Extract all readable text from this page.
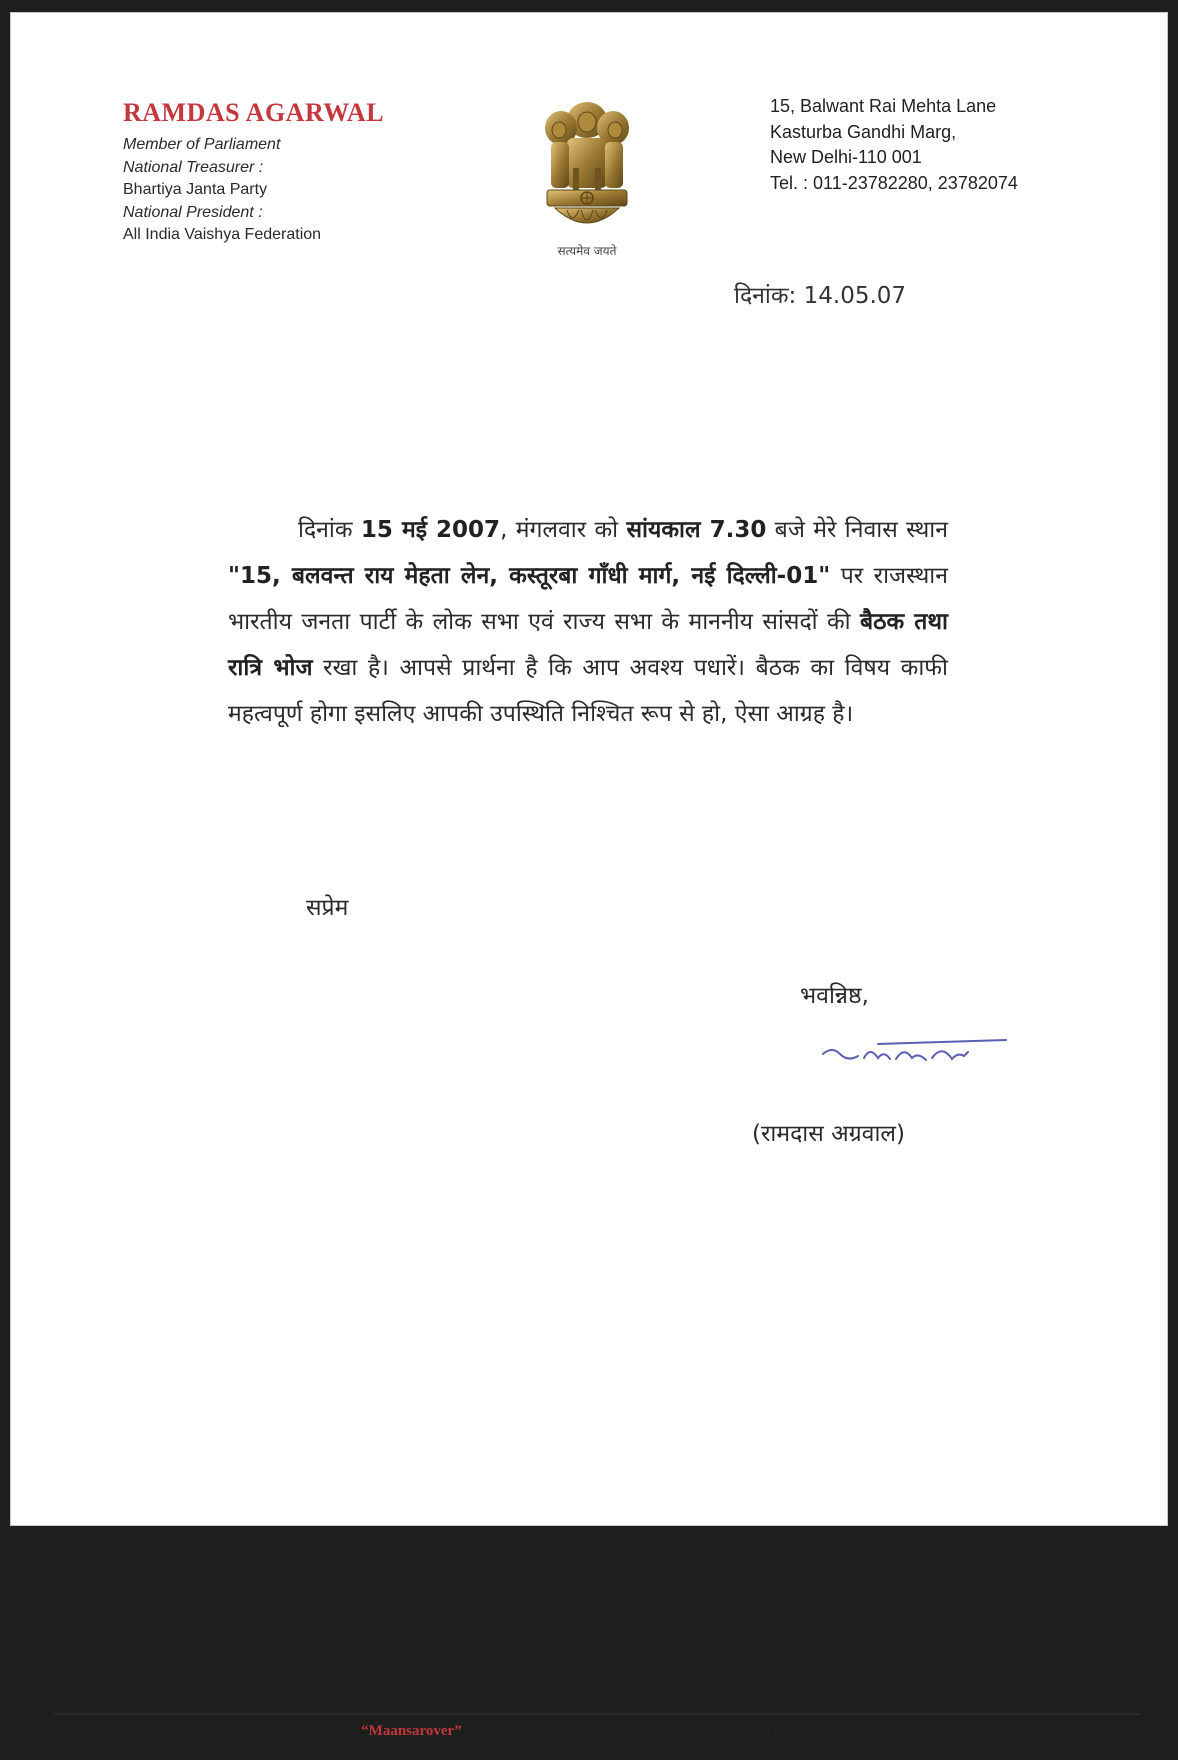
RAMDAS AGARWAL

Member of Parliament

National Treasurer :

Bhartiya Janta Party

National President :

All India Vaishya Federation

सत्यमेव जयते
15, Balwant Rai Mehta Lane
Kasturba Gandhi Marg,
New Delhi-110 001
Tel. : 011-23782280, 23782074
दिनांक: 14.05.07
दिनांक 15 मई 2007, मंगलवार को सांयकाल 7.30 बजे मेरे निवास स्थान "15, बलवन्त राय मेहता लेन, कस्तूरबा गाँधी मार्ग, नई दिल्ली-01" पर राजस्थान भारतीय जनता पार्टी के लोक सभा एवं राज्य सभा के माननीय सांसदों की बैठक तथा रात्रि भोज रखा है। आपसे प्रार्थना है कि आप अवश्य पधारें। बैठक का विषय काफी महत्वपूर्ण होगा इसलिए आपकी उपस्थिति निश्चित रूप से हो, ऐसा आग्रह है।
सप्रेम
भवन्निष्ठ,
(रामदास अग्रवाल)
“Maansarover” Rameshvaram Parisar, Tonk Road, Jaipur-302 011 (Raj.)
✆ 0141-2720007-8, 2551508 Fax : 0141-2723839 E-mail : arunudyoga@datainfosys.net
